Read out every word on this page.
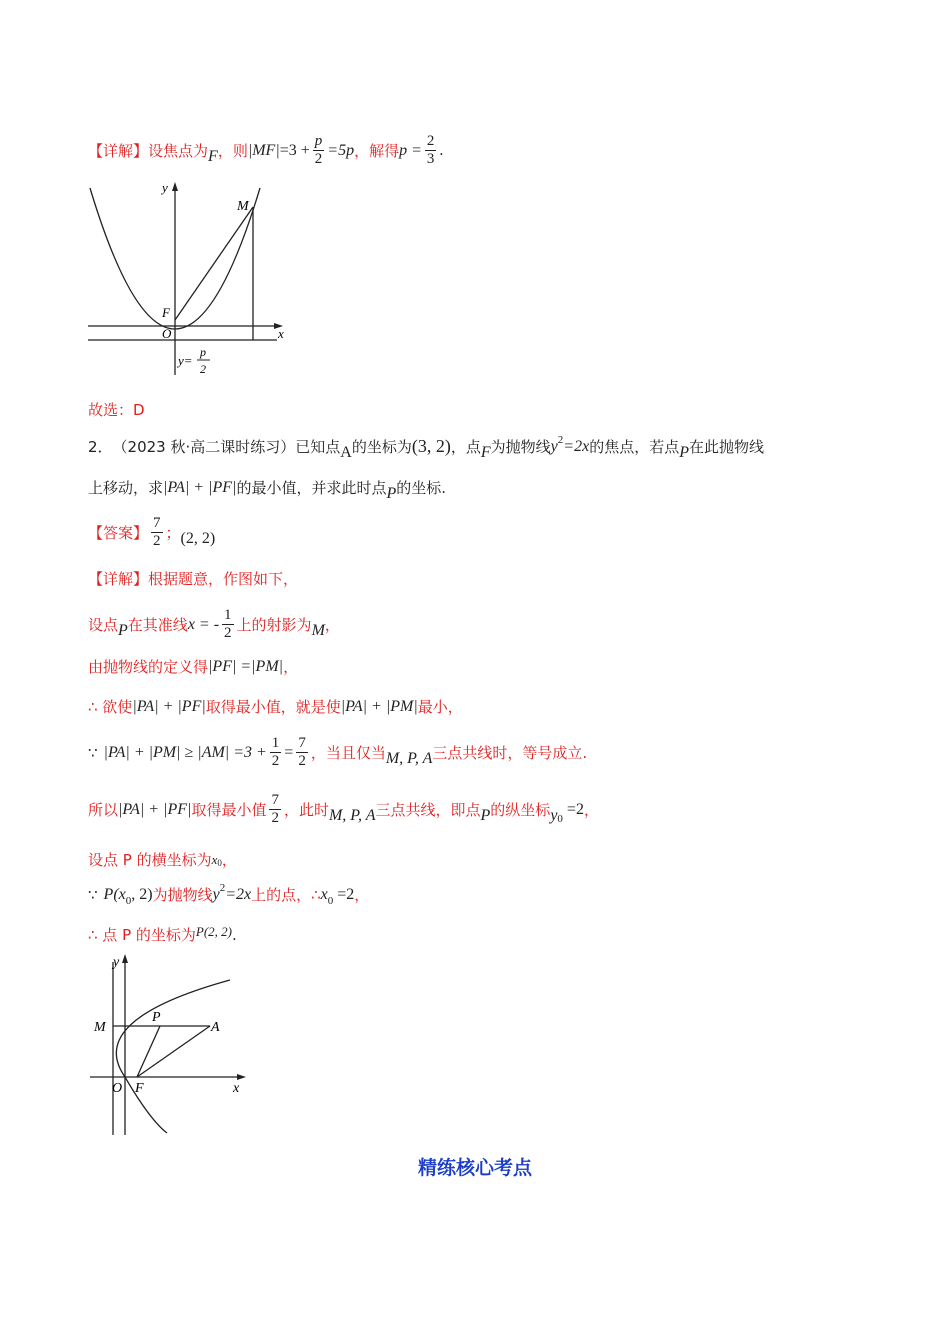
【详解】 设焦点为 F ，则 $|MF| =3 + \frac{p}{2} =5p$ ，解得 $p = \frac{2}{3}$ .
y
x
M
F
O
y=
p
2
故选：D
2． （2023 秋·高二课时练习） 已知点 A 的坐标为 (3, 2) ，点 F 为抛物线 y 2 =2x 的焦点，若点 P 在此抛物线
上移动，求 |PA| + |PF| 的最小值，并求此时点 P 的坐标.
【答案】 $\frac{7}{2}$ ； (2, 2)
【详解】 根据题意，作图如下，
设点 P 在其准线 x = - $\frac{1}{2}$ 上的射影为 M ，
由抛物线的定义得 |PF| =|PM| ，
∴ 欲使 |PA| + |PF| 取得最小值，就是使 |PA| + |PM| 最小，
∵ $|PA| + |PM| \ge |AM| =3 + \frac{1}{2} = \frac{7}{2}$ ，当且仅当 M, P, A 三点共线时，等号成立.
所以 |PA| + |PF| 取得最小值 $\frac{7}{2}$ ，此时 M, P, A 三点共线，即点 P 的纵坐标 y 0
=2 ，
设点 P 的横坐标为 x 0 ，
∵ P(x 0 , 2) 为抛物线 y 2 =2x 上的点，∴ x 0 =2 ，
∴ 点 P 的坐标为 P(2, 2) .
y
x
M
P
A
O F
精练核心考点
